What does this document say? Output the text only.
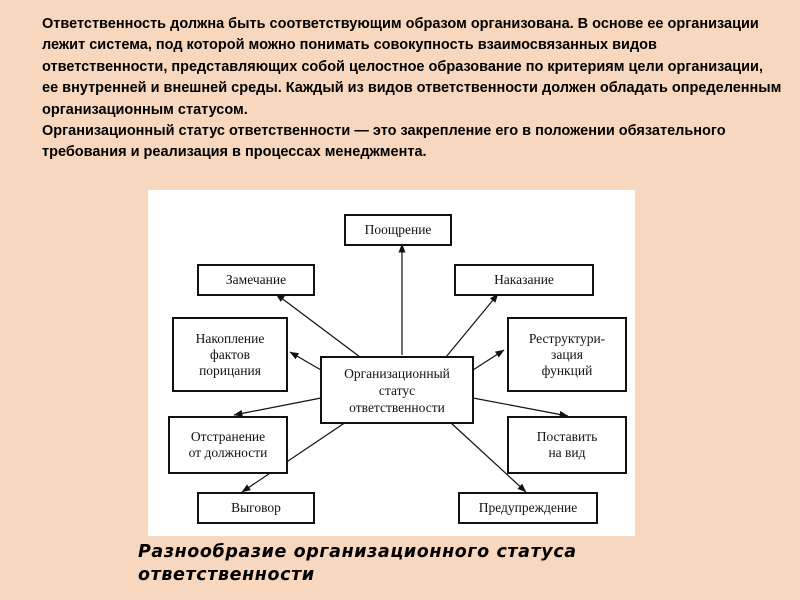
Ответственность должна быть соответствующим образом организована. В основе ее организации лежит система, под которой можно понимать совокупность взаимосвязанных видов ответственности, представляющих собой целостное образование по критериям цели организации, ее внутренней и внешней среды. Каждый из видов ответственности должен обладать определенным организационным статусом.

Организационный статус ответственности — это закрепление его в положении обязательного требования и реализация в процессах менеджмента.

Поощрение
Замечание	Наказание
Накопление
фактов
порицания
Реструктури-
зация
функций
Организационный
статус
ответственности
Отстранение
от должности
Поставить
на вид
Выговор	Предупреждение
Разнообразие организационного статуса ответственности
